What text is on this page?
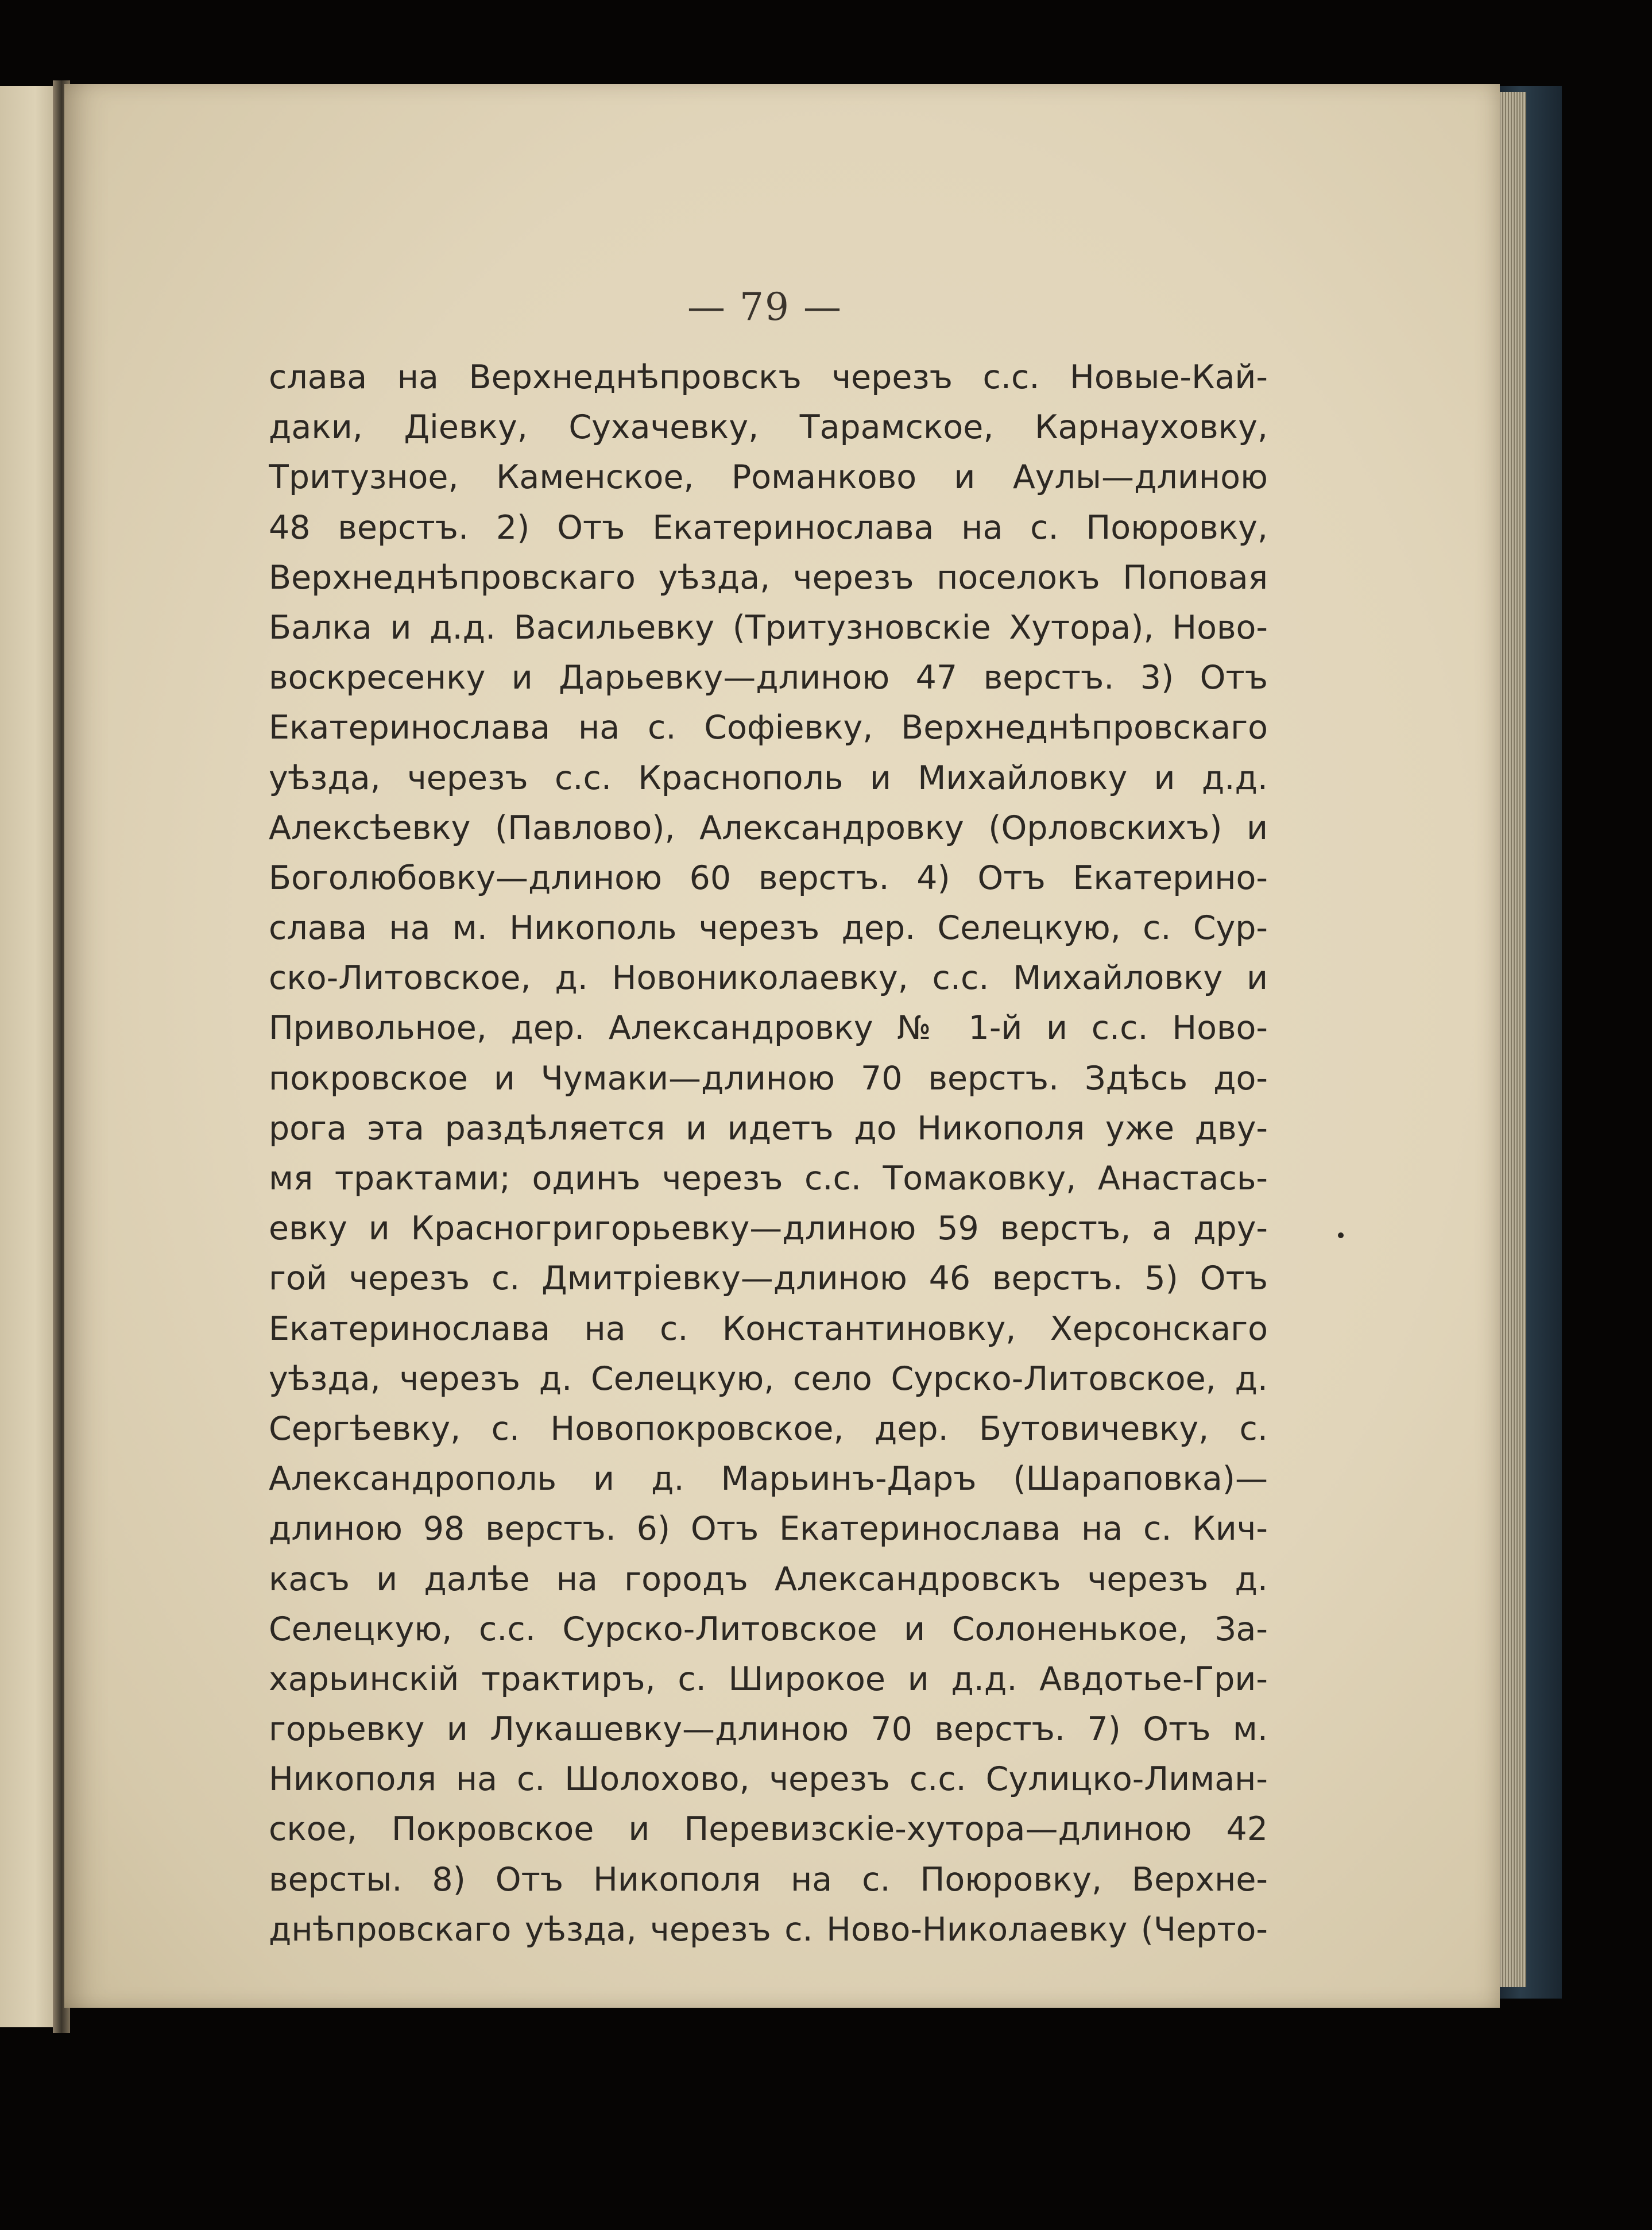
— 79 —
слава на Верхнеднѣпровскъ черезъ с.с. Новые-Кай-
даки, Дiевку, Сухачевку, Тарамское, Карнауховку,
Тритузное, Каменское, Романково и Аулы—длиною
48 верстъ. 2) Отъ Екатеринослава на с. Поюровку,
Верхнеднѣпровскаго уѣзда, черезъ поселокъ Поповая
Балка и д.д. Васильевку (Тритузновскiе Хутора), Ново-
воскресенку и Дарьевку—длиною 47 верстъ. 3) Отъ
Екатеринослава на с. Софiевку, Верхнеднѣпровскаго
уѣзда, черезъ с.с. Краснополь и Михайловку и д.д.
Алексѣевку (Павлово), Александровку (Орловскихъ) и
Боголюбовку—длиною 60 верстъ. 4) Отъ Екатерино-
слава на м. Никополь черезъ дер. Селецкую, с. Сур-
ско-Литовское, д. Новониколаевку, с.с. Михайловку и
Привольное, дер. Александровку № 1-й и с.с. Ново-
покровское и Чумаки—длиною 70 верстъ. Здѣсь до-
рога эта раздѣляется и идетъ до Никополя уже дву-
мя трактами; одинъ черезъ с.с. Томаковку, Анастась-
евку и Красногригорьевку—длиною 59 верстъ, а дру-
гой черезъ с. Дмитрiевку—длиною 46 верстъ. 5) Отъ
Екатеринослава на с. Константиновку, Херсонскаго
уѣзда, черезъ д. Селецкую, село Сурско-Литовское, д.
Сергѣевку, с. Новопокровское, дер. Бутовичевку, с.
Александрополь и д. Марьинъ-Даръ (Шараповка)—
длиною 98 верстъ. 6) Отъ Екатеринослава на с. Кич-
касъ и далѣе на городъ Александровскъ черезъ д.
Селецкую, с.с. Сурско-Литовское и Солоненькое, За-
харьинскiй трактиръ, с. Широкое и д.д. Авдотье-Гри-
горьевку и Лукашевку—длиною 70 верстъ. 7) Отъ м.
Никополя на с. Шолохово, черезъ с.с. Сулицко-Лиман-
ское, Покровское и Перевизскiе-хутора—длиною 42
версты. 8) Отъ Никополя на с. Поюровку, Верхне-
днѣпровскаго уѣзда, черезъ с. Ново-Николаевку (Черто-
